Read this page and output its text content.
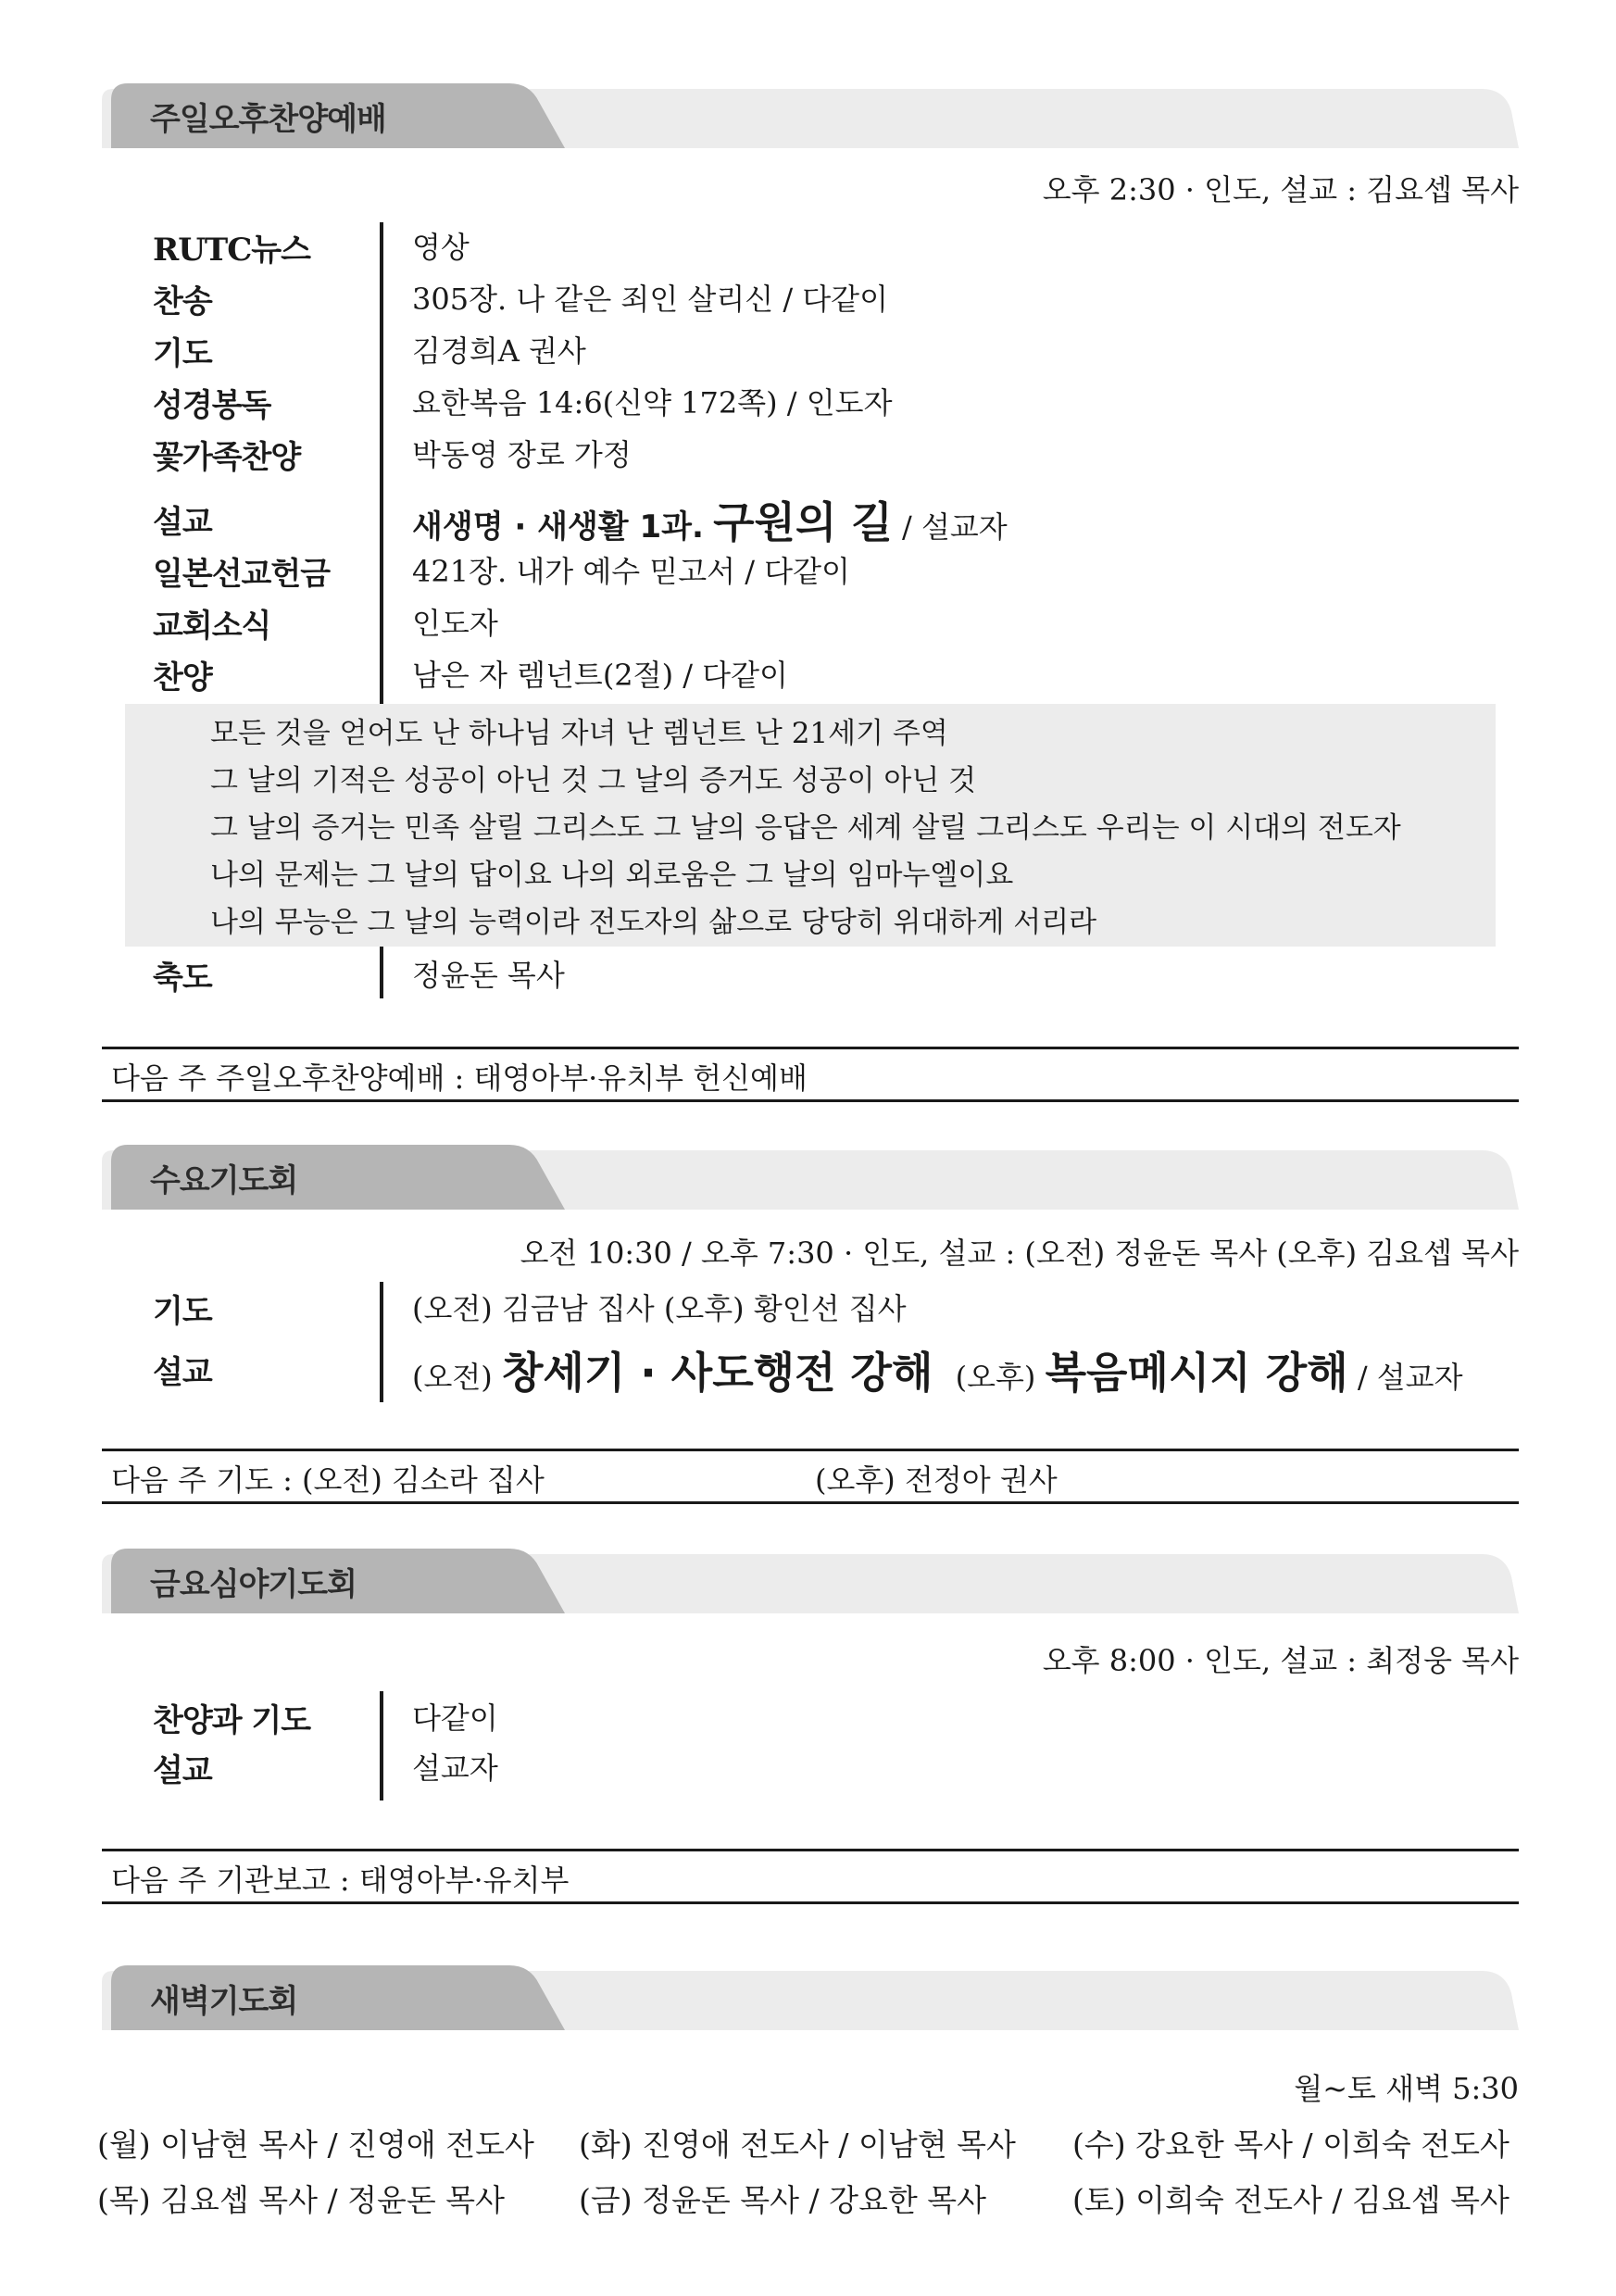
주일오후찬양예배
오후 2:30 · 인도, 설교 : 김요셉 목사
RUTC뉴스	영상
찬송	305장. 나 같은 죄인 살리신 / 다같이
기도	김경희A 권사
성경봉독	요한복음 14:6(신약 172쪽) / 인도자
꽃가족찬양	박동영 장로 가정
설교	새생명 · 새생활 1과. 구원의 길 / 설교자
일본선교헌금	421장. 내가 예수 믿고서 / 다같이
교회소식	인도자
찬양	남은 자 렘넌트(2절) / 다같이
모든 것을 얻어도 난 하나님 자녀 난 렘넌트 난 21세기 주역
그 날의 기적은 성공이 아닌 것 그 날의 증거도 성공이 아닌 것
그 날의 증거는 민족 살릴 그리스도 그 날의 응답은 세계 살릴 그리스도 우리는 이 시대의 전도자
나의 문제는 그 날의 답이요 나의 외로움은 그 날의 임마누엘이요
나의 무능은 그 날의 능력이라 전도자의 삶으로 당당히 위대하게 서리라
축도	정윤돈 목사
다음 주 주일오후찬양예배 : 태영아부·유치부 헌신예배
수요기도회
오전 10:30 / 오후 7:30 · 인도, 설교 : (오전) 정윤돈 목사 (오후) 김요셉 목사
기도	(오전) 김금남 집사 (오후) 황인선 집사
설교	(오전) 창세기 · 사도행전 강해 (오후) 복음메시지 강해 / 설교자
다음 주 기도 : (오전) 김소라 집사	(오후) 전정아 권사
금요심야기도회
오후 8:00 · 인도, 설교 : 최정웅 목사
찬양과 기도	다같이
설교	설교자
다음 주 기관보고 : 태영아부·유치부
새벽기도회
월~토 새벽 5:30
(월) 이남현 목사 / 진영애 전도사 (화) 진영애 전도사 / 이남현 목사 (수) 강요한 목사 / 이희숙 전도사
(목) 김요셉 목사 / 정윤돈 목사 (금) 정윤돈 목사 / 강요한 목사	(토) 이희숙 전도사 / 김요셉 목사
